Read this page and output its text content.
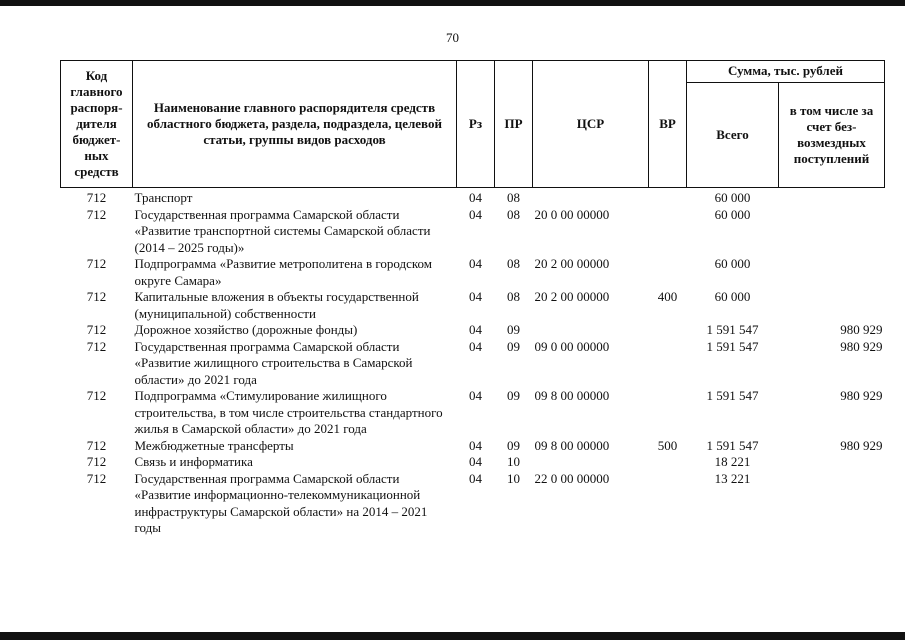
70
Код главного распоря-дителя бюджет-ных средств	Наименование главного распорядителя средств областного бюджета, раздела, подраздела, целевой статьи, группы видов расходов	Рз	ПР	ЦСР	ВР	Сумма, тыс. рублей	
						Всего	в том числе за счет без-возмездных поступлений
712	Транспорт	04	08			60 000	
712	Государственная программа Самарской области «Развитие транспортной системы Самарской области (2014 – 2025 годы)»	04	08	20 0 00 00000		60 000	
712	Подпрограмма «Развитие метрополитена в городском округе Самара»	04	08	20 2 00 00000		60 000	
712	Капитальные вложения в объекты государственной (муниципальной) собственности	04	08	20 2 00 00000	400	60 000	
712	Дорожное хозяйство (дорожные фонды)	04	09			1 591 547	980 929
712	Государственная программа Самарской области «Развитие жилищного строительства в Самарской области» до 2021 года	04	09	09 0 00 00000		1 591 547	980 929
712	Подпрограмма «Стимулирование жилищного строительства, в том числе строительства стандартного жилья в Самарской области» до 2021 года	04	09	09 8 00 00000		1 591 547	980 929
712	Межбюджетные трансферты	04	09	09 8 00 00000	500	1 591 547	980 929
712	Связь и информатика	04	10			18 221	
712	Государственная программа Самарской области «Развитие информационно-телекоммуникационной инфраструктуры Самарской области» на 2014 – 2021 годы	04	10	22 0 00 00000		13 221	
